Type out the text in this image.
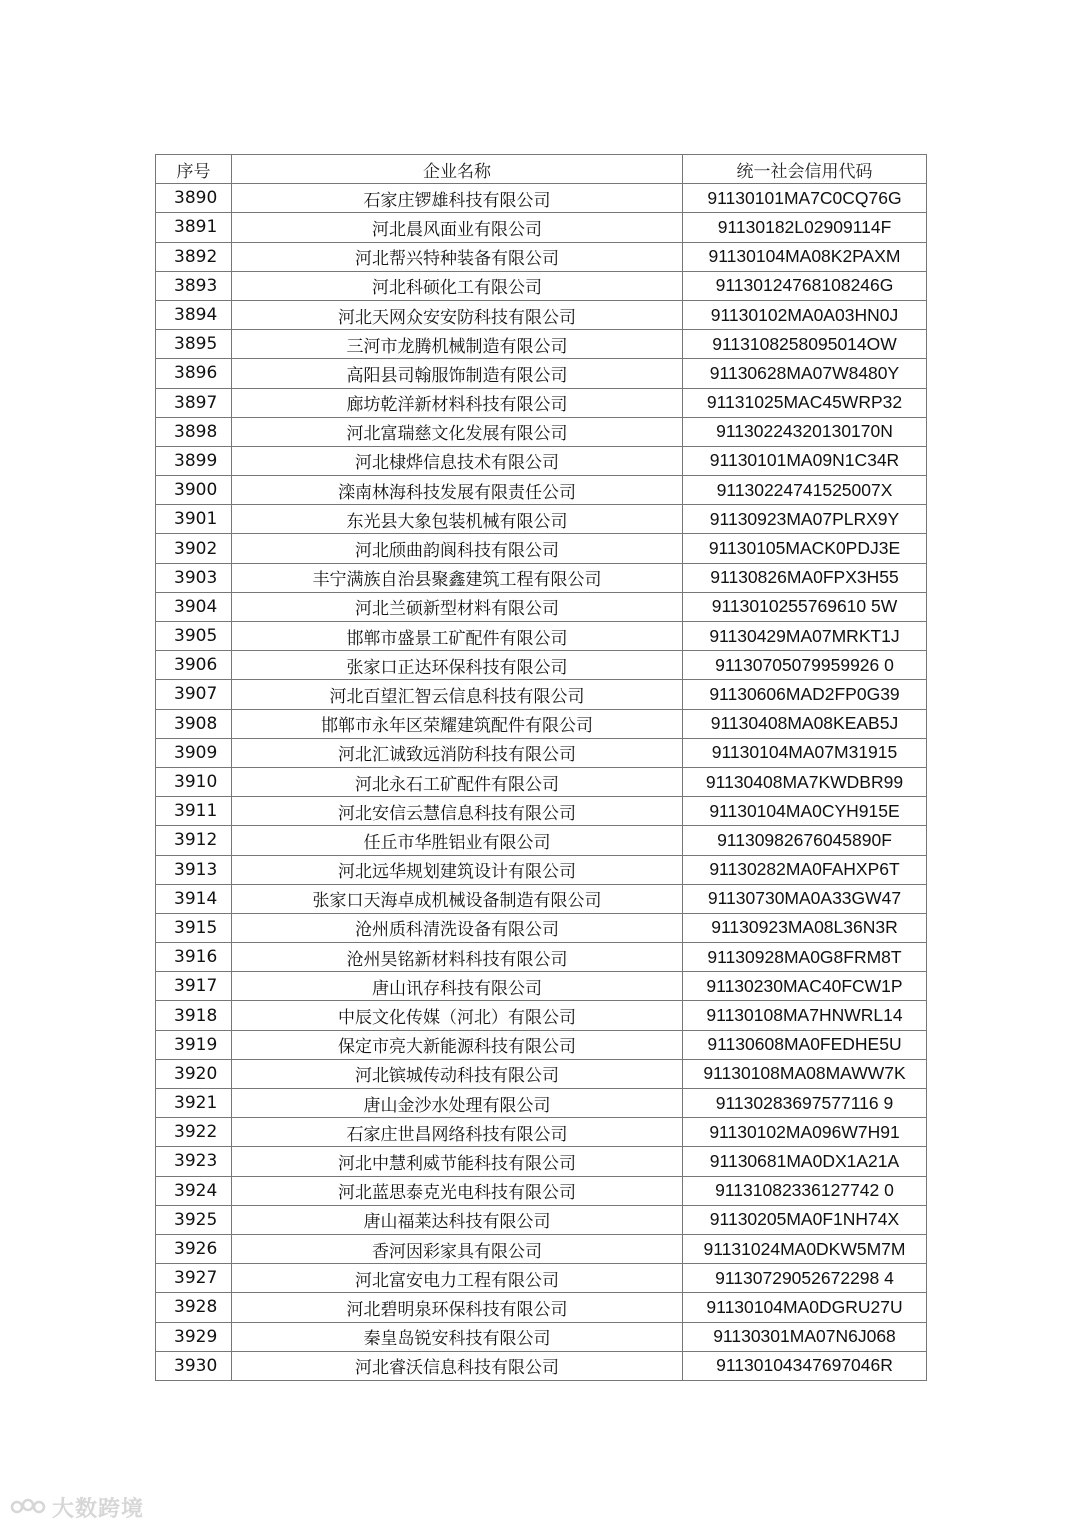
序号	企业名称	统一社会信用代码
3890	石家庄锣雄科技有限公司	91130101MA7C0CQ76G
3891	河北晨风面业有限公司	91130182L02909114F
3892	河北帮兴特种装备有限公司	91130104MA08K2PAXM
3893	河北科硕化工有限公司	91130124768108246G
3894	河北天网众安安防科技有限公司	91130102MA0A03HN0J
3895	三河市龙腾机械制造有限公司	9113108258095014OW
3896	高阳县司翰服饰制造有限公司	91130628MA07W8480Y
3897	廊坊乾洋新材料科技有限公司	91131025MAC45WRP32
3898	河北富瑞慈文化发展有限公司	91130224320130170N
3899	河北棣烨信息技术有限公司	91130101MA09N1C34R
3900	滦南林海科技发展有限责任公司	91130224741525007X
3901	东光县大象包装机械有限公司	91130923MA07PLRX9Y
3902	河北颀曲韵阆科技有限公司	91130105MACK0PDJ3E
3903	丰宁满族自治县聚鑫建筑工程有限公司	91130826MA0FPX3H55
3904	河北兰硕新型材料有限公司	9113010255769610 5W
3905	邯郸市盛景工矿配件有限公司	91130429MA07MRKT1J
3906	张家口正达环保科技有限公司	91130705079959926 0
3907	河北百望汇智云信息科技有限公司	91130606MAD2FP0G39
3908	邯郸市永年区荣耀建筑配件有限公司	91130408MA08KEAB5J
3909	河北汇诚致远消防科技有限公司	91130104MA07M31915
3910	河北永石工矿配件有限公司	91130408MA7KWDBR99
3911	河北安信云慧信息科技有限公司	91130104MA0CYH915E
3912	任丘市华胜铝业有限公司	91130982676045890F
3913	河北远华规划建筑设计有限公司	91130282MA0FAHXP6T
3914	张家口天海卓成机械设备制造有限公司	91130730MA0A33GW47
3915	沧州质科清洗设备有限公司	91130923MA08L36N3R
3916	沧州昊铭新材料科技有限公司	91130928MA0G8FRM8T
3917	唐山讯存科技有限公司	91130230MAC40FCW1P
3918	中辰文化传媒（河北）有限公司	91130108MA7HNWRL14
3919	保定市亮大新能源科技有限公司	91130608MA0FEDHE5U
3920	河北镔城传动科技有限公司	91130108MA08MAWW7K
3921	唐山金沙水处理有限公司	91130283697577116 9
3922	石家庄世昌网络科技有限公司	91130102MA096W7H91
3923	河北中慧利威节能科技有限公司	91130681MA0DX1A21A
3924	河北蓝思泰克光电科技有限公司	91131082336127742 0
3925	唐山福莱达科技有限公司	91130205MA0F1NH74X
3926	香河因彩家具有限公司	91131024MA0DKW5M7M
3927	河北富安电力工程有限公司	91130729052672298 4
3928	河北碧明泉环保科技有限公司	91130104MA0DGRU27U
3929	秦皇岛锐安科技有限公司	91130301MA07N6J068
3930	河北睿沃信息科技有限公司	91130104347697046R
大数跨境
